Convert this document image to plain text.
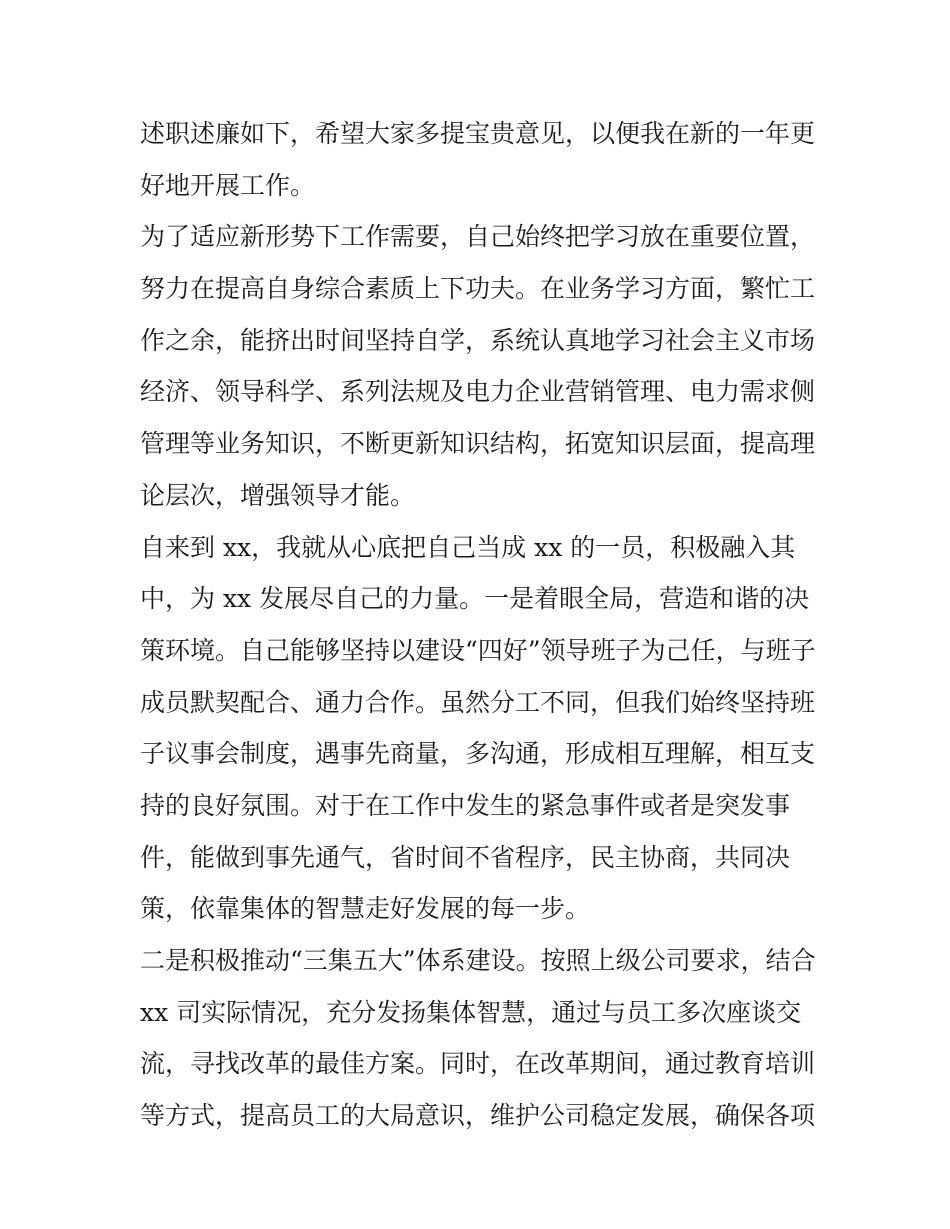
述职述廉如下，希望大家多提宝贵意见，以便我在新的一年更
好地开展工作。
为了适应新形势下工作需要，自己始终把学习放在重要位置，
努力在提高自身综合素质上下功夫。在业务学习方面，繁忙工
作之余，能挤出时间坚持自学，系统认真地学习社会主义市场
经济、领导科学、系列法规及电力企业营销管理、电力需求侧
管理等业务知识，不断更新知识结构，拓宽知识层面，提高理
论层次，增强领导才能。
自来到 xx，我就从心底把自己当成 xx 的一员，积极融入其
中，为 xx 发展尽自己的力量。一是着眼全局，营造和谐的决
策环境。自己能够坚持以建设“四好”领导班子为己任，与班子
成员默契配合、通力合作。虽然分工不同，但我们始终坚持班
子议事会制度，遇事先商量，多沟通，形成相互理解，相互支
持的良好氛围。对于在工作中发生的紧急事件或者是突发事
件，能做到事先通气，省时间不省程序，民主协商，共同决
策，依靠集体的智慧走好发展的每一步。
二是积极推动“三集五大”体系建设。按照上级公司要求，结合
xx 司实际情况，充分发扬集体智慧，通过与员工多次座谈交
流，寻找改革的最佳方案。同时，在改革期间，通过教育培训
等方式，提高员工的大局意识，维护公司稳定发展，确保各项
